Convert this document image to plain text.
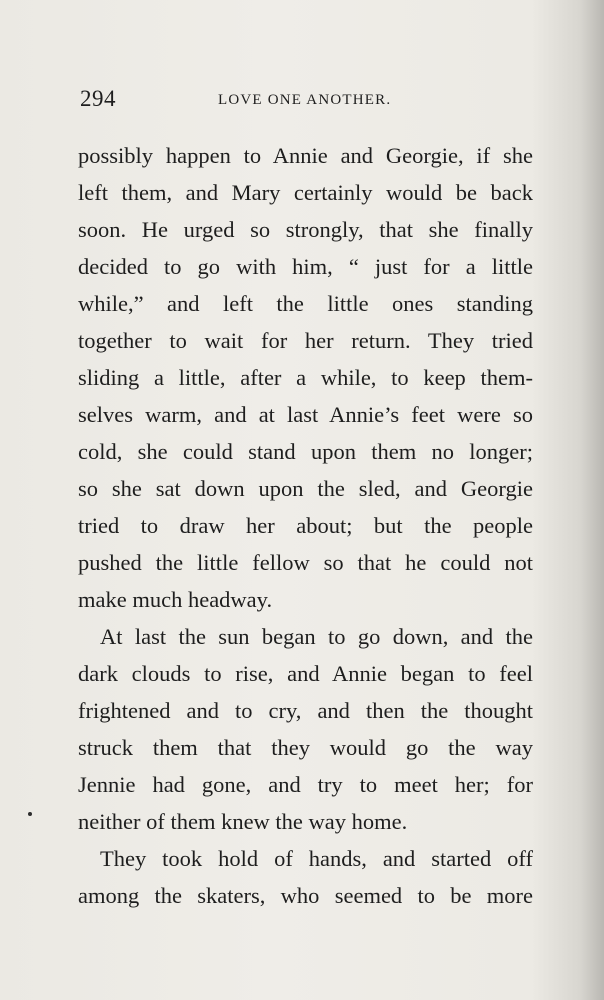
294	LOVE ONE ANOTHER.
possibly happen to Annie and Georgie, if she
left them, and Mary certainly would be back
soon. He urged so strongly, that she finally
decided to go with him, “ just for a little
while,” and left the little ones standing
together to wait for her return. They tried
sliding a little, after a while, to keep them-
selves warm, and at last Annie’s feet were so
cold, she could stand upon them no longer;
so she sat down upon the sled, and Georgie
tried to draw her about; but the people
pushed the little fellow so that he could not
make much headway.
At last the sun began to go down, and the
dark clouds to rise, and Annie began to feel
frightened and to cry, and then the thought
struck them that they would go the way
Jennie had gone, and try to meet her; for
neither of them knew the way home.
They took hold of hands, and started off
among the skaters, who seemed to be more
